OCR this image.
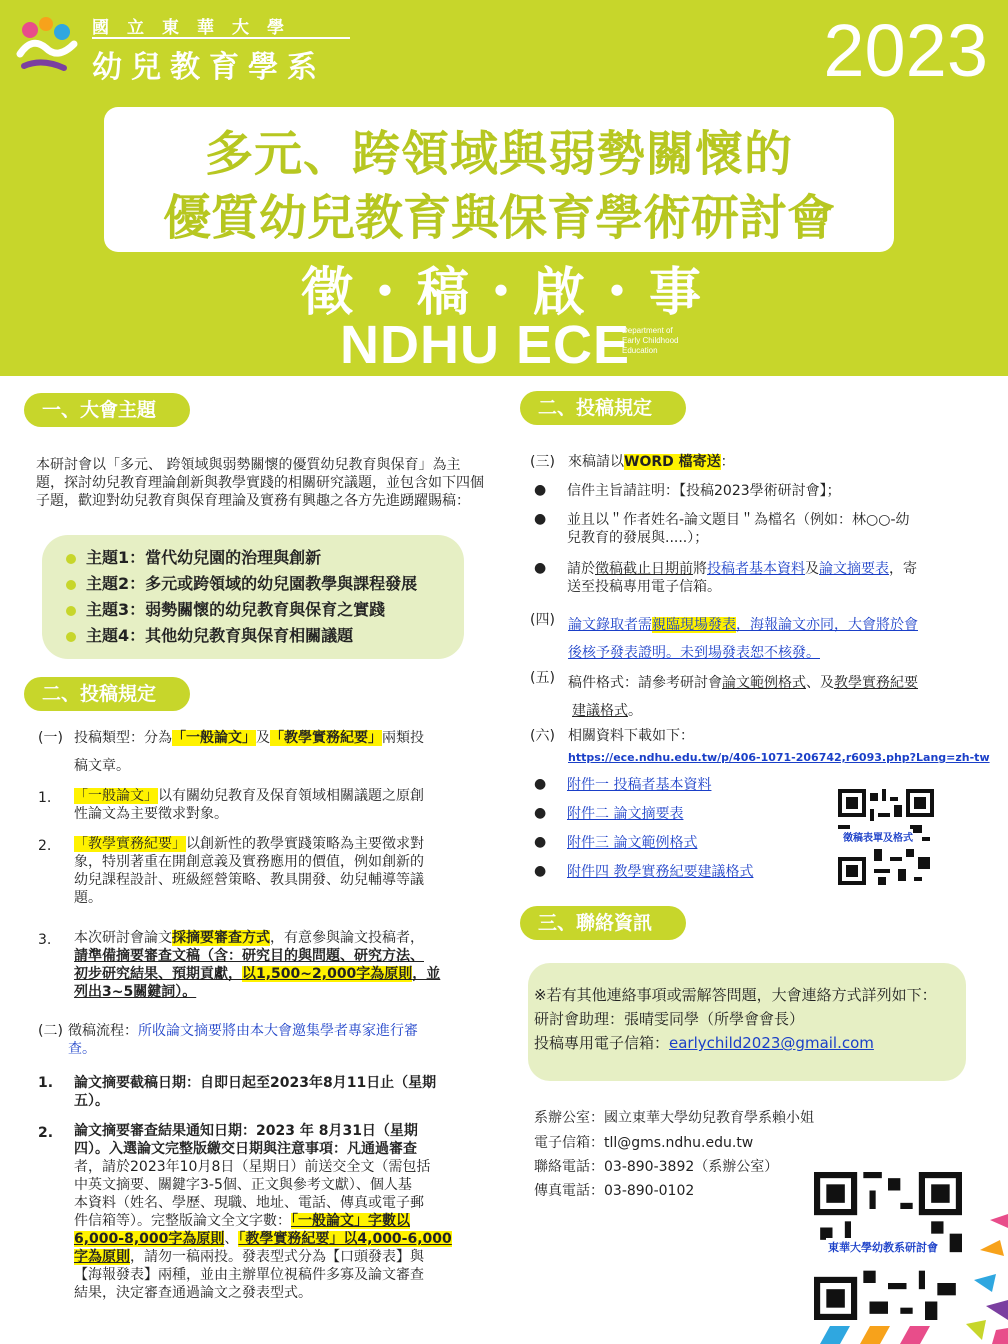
國立東華大學
幼兒教育學系	2023
多元、跨領域與弱勢關懷的
優質幼兒教育與保育學術研討會
徵・稿・啟・事
NDHU ECE
Department of Early Childhood Education
一、大會主題
本研討會以「多元、 跨領域與弱勢關懷的優質幼兒教育與保育」為主題，探討幼兒教育理論創新與教學實踐的相關研究議題，並包含如下四個子題，歡迎對幼兒教育與保育理論及實務有興趣之各方先進踴躍賜稿：
主題1：當代幼兒園的治理與創新
主題2：多元或跨領域的幼兒園教學與課程發展
主題3：弱勢關懷的幼兒教育與保育之實踐
主題4：其他幼兒教育與保育相關議題
二、投稿規定
(一) 投稿類型：分為「一般論文」及「教學實務紀要」兩類投
稿文章。
1. 「一般論文」以有關幼兒教育及保育領域相關議題之原創
性論文為主要徵求對象。
2. 「教學實務紀要」以創新性的教學實踐策略為主要徵求對
象，特別著重在開創意義及實務應用的價值，例如創新的
幼兒課程設計、班級經營策略、教具開發、幼兒輔導等議
題。
3. 本次研討會論文採摘要審查方式，有意參與論文投稿者，
請準備摘要審查文稿（含：研究目的與問題、研究方法、
初步研究結果、預期貢獻，以1,500~2,000字為原則，並
列出3~5關鍵詞）。
(二) 徵稿流程：所收論文摘要將由本大會邀集學者專家進行審
查。
1. 論文摘要截稿日期：自即日起至2023年8月11日止（星期
五）。
2. 論文摘要審查結果通知日期：2023 年 8月31日（星期
四）。入選論文完整版繳交日期與注意事項：凡通過審查
者，請於2023年10月8日（星期日）前送交全文（需包括
中英文摘要、關鍵字3-5個、正文與參考文獻）、個人基
本資料（姓名、學歷、現職、地址、電話、傳真或電子郵
件信箱等）。完整版論文全文字數：「一般論文」字數以
6,000-8,000字為原則、「教學實務紀要」以4,000-6,000
字為原則，請勿一稿兩投。發表型式分為【口頭發表】與
【海報發表】兩種，並由主辦單位視稿件多寡及論文審查
結果，決定審查通過論文之發表型式。
二、投稿規定
(三) 來稿請以WORD 檔寄送：
● 信件主旨請註明：【投稿2023學術研討會】；
● 並且以＂作者姓名-論文題目＂為檔名（例如：林○○-幼
兒教育的發展與.....）；
● 請於徵稿截止日期前將投稿者基本資料及論文摘要表，寄
送至投稿專用電子信箱。
(四) 論文錄取者需親臨現場發表，海報論文亦同，大會將於會
後核予發表證明。未到場發表恕不核發。
(五) 稿件格式：請參考研討會論文範例格式、及教學實務紀要
建議格式。
(六) 相關資料下載如下：
https://ece.ndhu.edu.tw/p/406-1071-206742,r6093.php?Lang=zh-tw
● 附件一 投稿者基本資料
● 附件二 論文摘要表
● 附件三 論文範例格式
● 附件四 教學實務紀要建議格式
徵稿表單及格式
三、聯絡資訊
※若有其他連絡事項或需解答問題，大會連絡方式詳列如下：
研討會助理：張晴雯同學（所學會會長）
投稿專用電子信箱：earlychild2023@gmail.com
系辦公室：國立東華大學幼兒教育學系賴小姐
電子信箱：tll@gms.ndhu.edu.tw
聯絡電話：03-890-3892（系辦公室）
傳真電話：03-890-0102
東華大學幼教系研討會
